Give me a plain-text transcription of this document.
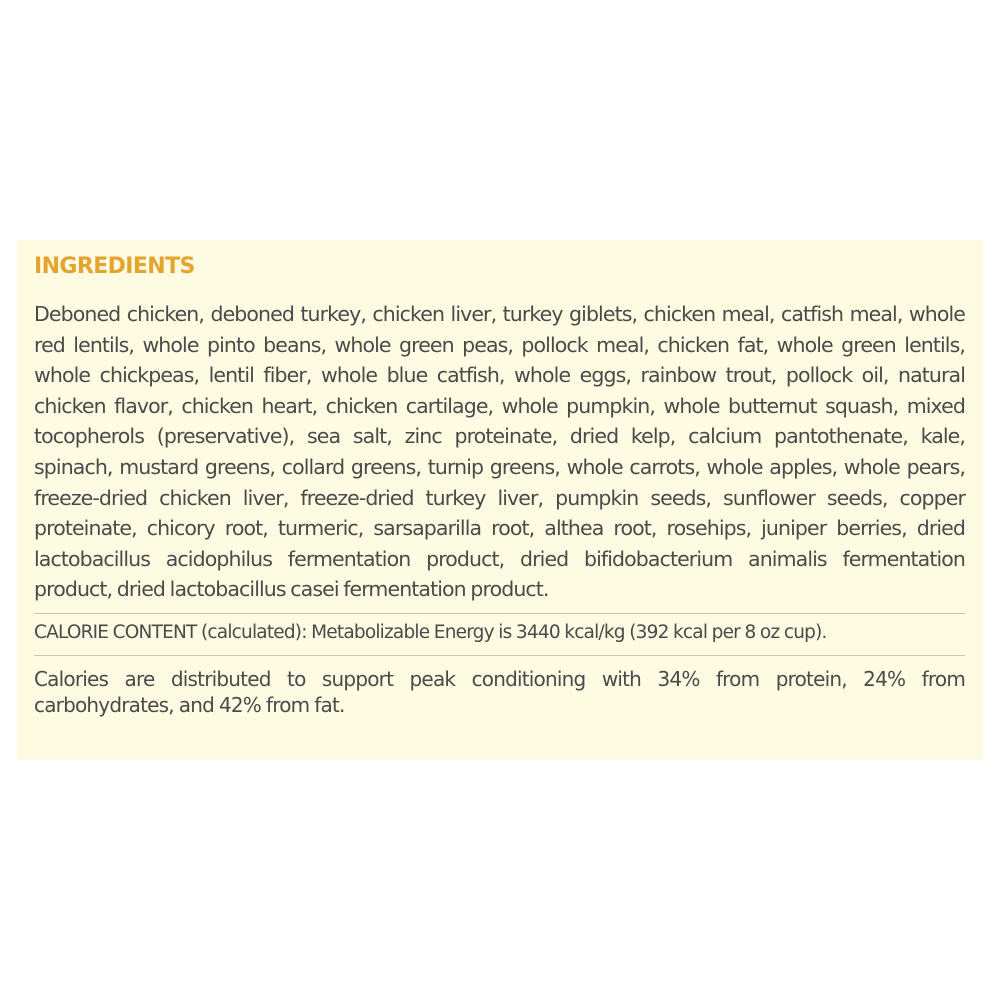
INGREDIENTS

Deboned chicken, deboned turkey, chicken liver, turkey giblets, chicken meal, catfish meal, whole red lentils, whole pinto beans, whole green peas, pollock meal, chicken fat, whole green lentils, whole chickpeas, lentil fiber, whole blue catfish, whole eggs, rainbow trout, pollock oil, natural chicken flavor, chicken heart, chicken cartilage, whole pumpkin, whole butternut squash, mixed tocopherols (preservative), sea salt, zinc proteinate, dried kelp, calcium pantothenate, kale, spinach, mustard greens, collard greens, turnip greens, whole carrots, whole apples, whole pears, freeze-dried chicken liver, freeze-dried turkey liver, pumpkin seeds, sunflower seeds, copper proteinate, chicory root, turmeric, sarsaparilla root, althea root, rosehips, juniper berries, dried lactobacillus acidophilus fermentation product, dried bifidobacterium animalis fermentation product, dried lactobacillus casei fermentation product.

CALORIE CONTENT (calculated): Metabolizable Energy is 3440 kcal/kg (392 kcal per 8 oz cup).

Calories are distributed to support peak conditioning with 34% from protein, 24% from carbohydrates, and 42% from fat.
